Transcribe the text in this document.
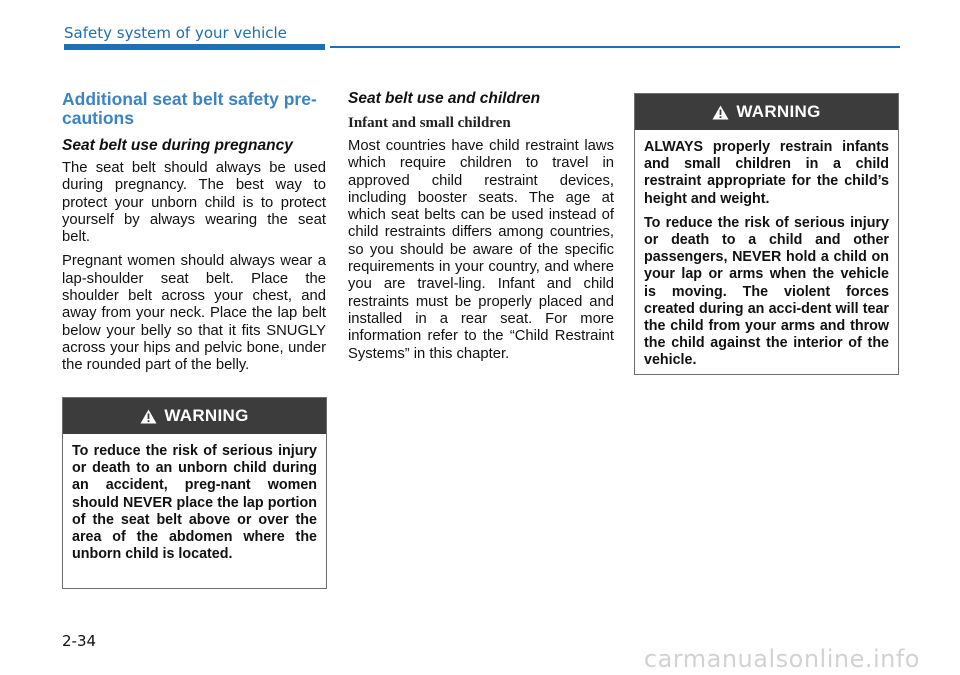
Safety system of your vehicle
Additional seat belt safety pre-cautions
Seat belt use during pregnancy

The seat belt should always be used during pregnancy. The best way to protect your unborn child is to protect yourself by always wearing the seat belt.

Pregnant women should always wear a lap-shoulder seat belt. Place the shoulder belt across your chest, and away from your neck. Place the lap belt below your belly so that it fits SNUGLY across your hips and pelvic bone, under the rounded part of the belly.

WARNING

To reduce the risk of serious injury or death to an unborn child during an accident, preg-nant women should NEVER place the lap portion of the seat belt above or over the area of the abdomen where the unborn child is located.

Seat belt use and children
Infant and small children

Most countries have child restraint laws which require children to travel in approved child restraint devices, including booster seats. The age at which seat belts can be used instead of child restraints differs among countries, so you should be aware of the specific requirements in your country, and where you are travel-ling. Infant and child restraints must be properly placed and installed in a rear seat. For more information refer to the “Child Restraint Systems” in this chapter.

WARNING

ALWAYS properly restrain infants and small children in a child restraint appropriate for the child’s height and weight.

To reduce the risk of serious injury or death to a child and other passengers, NEVER hold a child on your lap or arms when the vehicle is moving. The violent forces created during an acci-dent will tear the child from your arms and throw the child against the interior of the vehicle.

2-34
carmanualsonline.info
